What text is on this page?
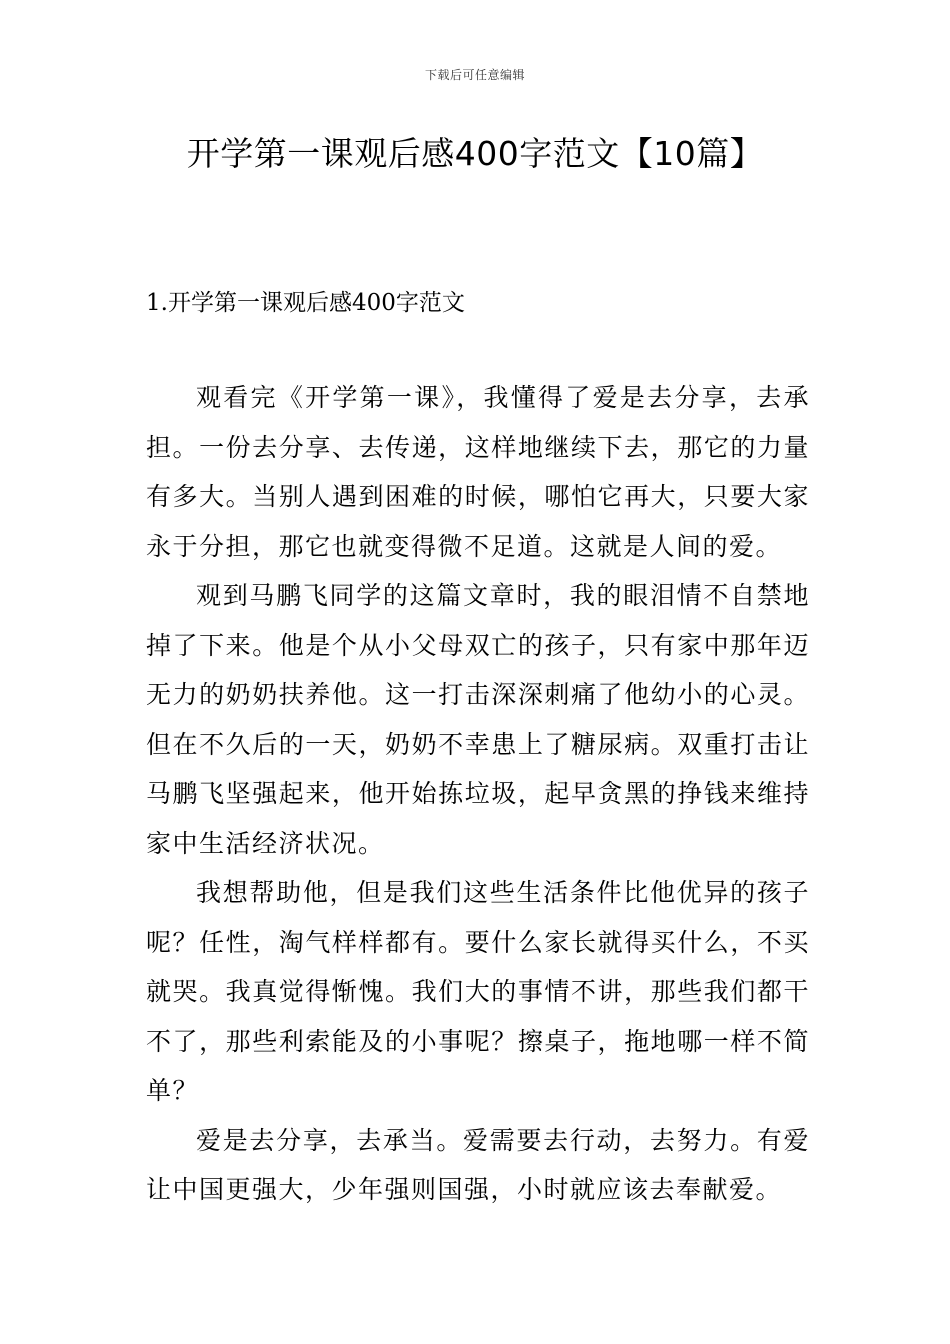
下载后可任意编辑
开学第一课观后感400字范文【10篇】
1.开学第一课观后感400字范文

观看完《开学第一课》，我懂得了爱是去分享，去承担。一份去分享、去传递，这样地继续下去，那它的力量有多大。当别人遇到困难的时候，哪怕它再大，只要大家永于分担，那它也就变得微不足道。这就是人间的爱。

观到马鹏飞同学的这篇文章时，我的眼泪情不自禁地掉了下来。他是个从小父母双亡的孩子，只有家中那年迈无力的奶奶扶养他。这一打击深深刺痛了他幼小的心灵。但在不久后的一天，奶奶不幸患上了糖尿病。双重打击让马鹏飞坚强起来，他开始拣垃圾，起早贪黑的挣钱来维持家中生活经济状况。

我想帮助他，但是我们这些生活条件比他优异的孩子呢？任性，淘气样样都有。要什么家长就得买什么，不买就哭。我真觉得惭愧。我们大的事情不讲，那些我们都干不了，那些利索能及的小事呢？擦桌子，拖地哪一样不简单？

爱是去分享，去承当。爱需要去行动，去努力。有爱让中国更强大，少年强则国强，小时就应该去奉献爱。
